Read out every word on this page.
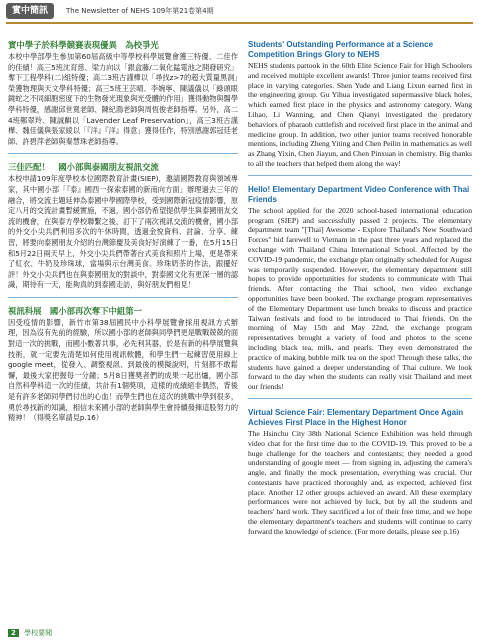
實中簡訊	The Newsletter of NEHS 109年第21卷第4期
實中學子於科學競賽表現優異　為校爭光

本校中學部學生參加第60屆高級中等學校科學展覽會獲三特優、二佳作的佳績！高三5班沈育慈、梁力向以「銀盒藤/二氧化錳電池之開發研究」奪下工程學科(二)組特優；高二3班古謹樺以「尋找z>7的超大質量黑洞」榮獲物理與天文學科特優；高三5班王芸晴、李婉寧、陳議儀以「綠頭眼鏡蛇之不同細胞密度下的生物發光現象與光受體的作用」獲得動物與醫學學科特優，感謝邱世寬老師、陳紀鴻老師與周恆俊老師指導。另外，高二4班鄭翠羚、陳誠麒以「Lavender Leaf Preservation」，高三3班古謹樺、魏佳儀與張家綾以「『洋』『洋』得意」獲得佳作，特別感謝郭冠廷老師、許碧萍老師與秦慧珠老師指導。

三佳匹配！　國小部與泰國朋友視訊交流

本校申請109年度學校本位國際教育計畫(SIEP)，邀請國際教育與領域專家，其中國小部「『泰』國西一探索泰國的新南向方面」辦理過去三年的融合，將交流主題延伸為泰國中學國際學校，受到國際新冠疫情影響，原定八月的交流計畫暫緩實施，不過，國小部仍希望提供學生與泰國朋友交流的機會，在與泰方學校聯繫之後，訂下了兩次視訊交流的機會，國小部的外交小尖兵們利用多次的午休時間，透過金悅資料、討論、分享、練習，將要向泰國朋友介紹的台灣節慶及美食好好演練了一番，在5月15日和5月22日兩天早上，外交小尖兵們帶著台式美食和照片上場，更是帶來了紅衣、牛奶及珍珠球，當場與示台灣美食。珍珠奶茶的作法，跟擺好評！外交小尖兵們也在與泰國朋友的對談中，對泰國文化有更深一層的認識，期待有一天，能夠真的到泰國走訪，與好朋友們相見！

視訊科展　國小部再次奪下中組第一

因受疫情的影響，新竹市第38屆國民中小科學展覽會採用視訊方式辦理，因為沒有先前的經驗，所以國小部的老師與同學們更是戰戰兢兢的面對這一次的挑戰，而國小數著共事，必先利其器，於是有新的科學展覽與技術，就一定要先清楚如何使用視訊軟體，和學生們一起練習使用線上google meet，從發入、調整視訊、到最後的模擬說明，片刻都不敢鬆懈，最後大家把握每一分鐘；5月8日獲奬者們的成果一起出爐，國小部自然科學科這一次的佳績，共計有1個獎項，這樣的成績絕非偶然，背後是有許多老師同學們付出的心血！而學生們也在這次的挑戰中學到很多，勇於尋找新的知識，相信未來國小部的老師與學生會持續發揮這股努力的精神！（得獎名單請見p.16）

Students' Outstanding Performance at a Science Competition Brings Glory to NEHS

NEHS students partook in the 60th Elite Science Fair for High Schoolers and received multiple excellent awards! Three junior teams received first place in varying categories. Shen Yude and Liang Lixun earned first in the engineering group. Gu Yihua investigated supermassive black holes, which earned first place in the physics and astronomy category. Wang Lihao, Li Wanning, and Chen Qianyi investigated the predatory behaviors of pharaoh cuttlefish and received first place in the animal and medicine group. In addition, two other junior teams received honorable mentions, including Zheng Yiting and Chen Peilin in mathematics as well as Zhang Yixin, Chen Jiayun, and Chen Pinxuan in chemistry. Big thanks to all the teachers that helped them along the way!

Hello! Elementary Department Video Conference with Thai Friends

The school applied for the 2020 school-based international education program (SIEP) and successfully passed 2 projects. The elementary department team "[Thai] Awesome - Explore Thailand's New Southward Forces" bid farewell to Vietnam in the past three years and replaced the exchange with Thailand China International School. Affected by the COVID-19 pandemic, the exchange plan originally scheduled for August was temporarily suspended. However, the elementary department still hopes to provide opportunities for students to communicate with Thai friends. After contacting the Thai school, two video exchange opportunities have been booked. The exchange program representatives of the Elementary Department use lunch breaks to discuss and practice Taiwan festivals and food to be introduced to Thai friends. On the morning of May 15th and May 22nd, the exchange program representatives brought a variety of food and photos to the scene including black tea, milk, and pearls. They even demonstrated the practice of making bubble milk tea on the spot! Through these talks, the students have gained a deeper understanding of Thai culture. We look forward to the day when the students can really visit Thailand and meet our friends!

Virtual Science Fair: Elementary Department Once Again Achieves First Place in the Highest Honor

The Hsinchu City 38th National Science Exhibition was held through video chat for the first time due to the COVID-19. This proved to be a huge challenge for the teachers and contestants; they needed a good understanding of google meet — from signing in, adjusting the camera's angle, and finally the mock presentation, everything was crucial. Our contestants have practiced thoroughly and, as expected, achieved first place. Another 12 other groups achieved an award. All these exemplary performances were not achieved by luck, but by all the students and teachers' hard work. They sacrificed a lot of their free time, and we hope the elementary department's teachers and students will continue to carry forward the knowledge of science. (For more details, please see p.16)

2 學校要聞
